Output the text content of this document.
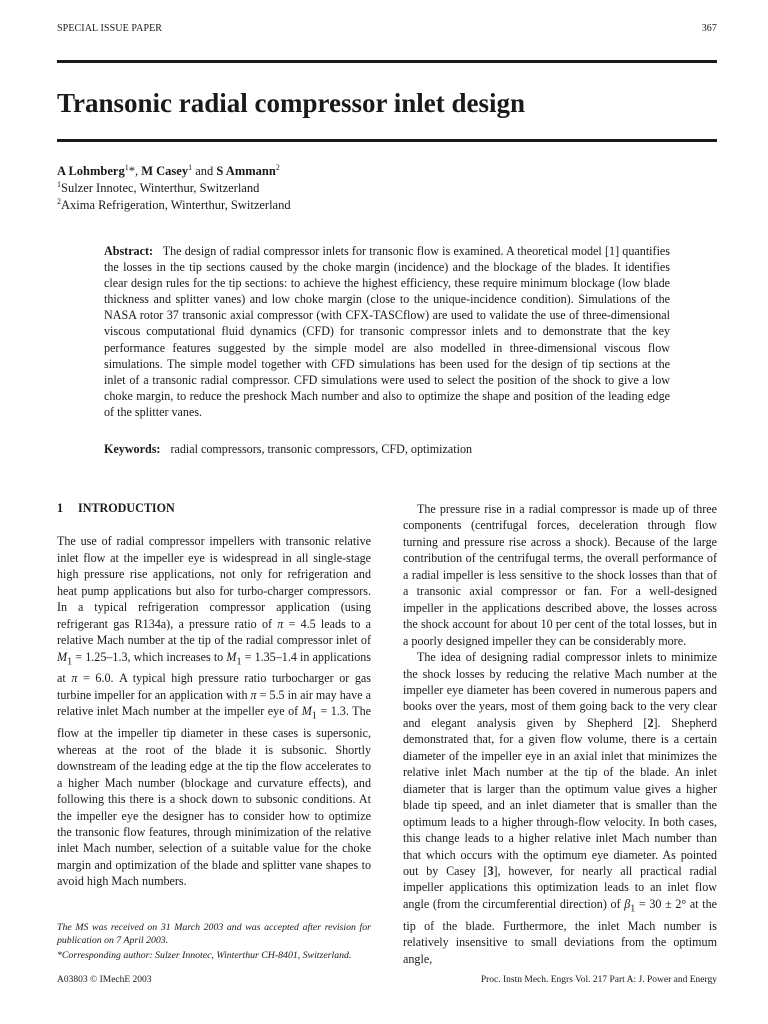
SPECIAL ISSUE PAPER	367
Transonic radial compressor inlet design
A Lohmberg$^1$*, M Casey$^1$ and S Ammann$^2$
$^1$Sulzer Innotec, Winterthur, Switzerland
$^2$Axima Refrigeration, Winterthur, Switzerland
Abstract: The design of radial compressor inlets for transonic flow is examined. A theoretical model [1] quantifies the losses in the tip sections caused by the choke margin (incidence) and the blockage of the blades. It identifies clear design rules for the tip sections: to achieve the highest efficiency, these require minimum blockage (low blade thickness and splitter vanes) and low choke margin (close to the unique-incidence condition). Simulations of the NASA rotor 37 transonic axial compressor (with CFX-TASCflow) are used to validate the use of three-dimensional viscous computational fluid dynamics (CFD) for transonic compressor inlets and to demonstrate that the key performance features suggested by the simple model are also modelled in three-dimensional viscous flow simulations. The simple model together with CFD simulations has been used for the design of tip sections at the inlet of a transonic radial compressor. CFD simulations were used to select the position of the shock to give a low choke margin, to reduce the preshock Mach number and also to optimize the shape and position of the leading edge of the splitter vanes.
Keywords: radial compressors, transonic compressors, CFD, optimization
1 INTRODUCTION

The use of radial compressor impellers with transonic relative inlet flow at the impeller eye is widespread in all single-stage high pressure rise applications, not only for refrigeration and heat pump applications but also for turbo-charger compressors. In a typical refrigeration compressor application (using refrigerant gas R134a), a pressure ratio of π = 4.5 leads to a relative Mach number at the tip of the radial compressor inlet of $M_1 = 1.25-1.3$, which increases to $M_1 = 1.35-1.4$ in applications at π = 6.0. A typical high pressure ratio turbocharger or gas turbine impeller for an application with π = 5.5 in air may have a relative inlet Mach number at the impeller eye of $M_1 = 1.3$. The flow at the impeller tip diameter in these cases is supersonic, whereas at the root of the blade it is subsonic. Shortly downstream of the leading edge at the tip the flow accelerates to a higher Mach number (blockage and curvature effects), and following this there is a shock down to subsonic conditions. At the impeller eye the designer has to consider how to optimize the transonic flow features, through minimization of the relative inlet Mach number, selection of a suitable value for the choke margin and optimization of the blade and splitter vane shapes to avoid high Mach numbers.

The MS was received on 31 March 2003 and was accepted after revision for publication on 7 April 2003.

*Corresponding author: Sulzer Innotec, Winterthur CH-8401, Switzerland.

The pressure rise in a radial compressor is made up of three components (centrifugal forces, deceleration through flow turning and pressure rise across a shock). Because of the large contribution of the centrifugal terms, the overall performance of a radial impeller is less sensitive to the shock losses than that of a transonic axial compressor or fan. For a well-designed impeller in the applications described above, the losses across the shock account for about 10 per cent of the total losses, but in a poorly designed impeller they can be considerably more.

The idea of designing radial compressor inlets to minimize the shock losses by reducing the relative Mach number at the impeller eye diameter has been covered in numerous papers and books over the years, most of them going back to the very clear and elegant analysis given by Shepherd [2]. Shepherd demonstrated that, for a given flow volume, there is a certain diameter of the impeller eye in an axial inlet that minimizes the relative inlet Mach number at the tip of the blade. An inlet diameter that is larger than the optimum value gives a higher blade tip speed, and an inlet diameter that is smaller than the optimum leads to a higher through-flow velocity. In both cases, this change leads to a higher relative inlet Mach number than that which occurs with the optimum eye diameter. As pointed out by Casey [3], however, for nearly all practical radial impeller applications this optimization leads to an inlet flow angle (from the circumferential direction) of $\beta_1 = 30 \pm 2^\circ$ at the tip of the blade. Furthermore, the inlet Mach number is relatively insensitive to small deviations from the optimum angle,

A03803 © IMechE 2003	Proc. Instn Mech. Engrs Vol. 217 Part A: J. Power and Energy
